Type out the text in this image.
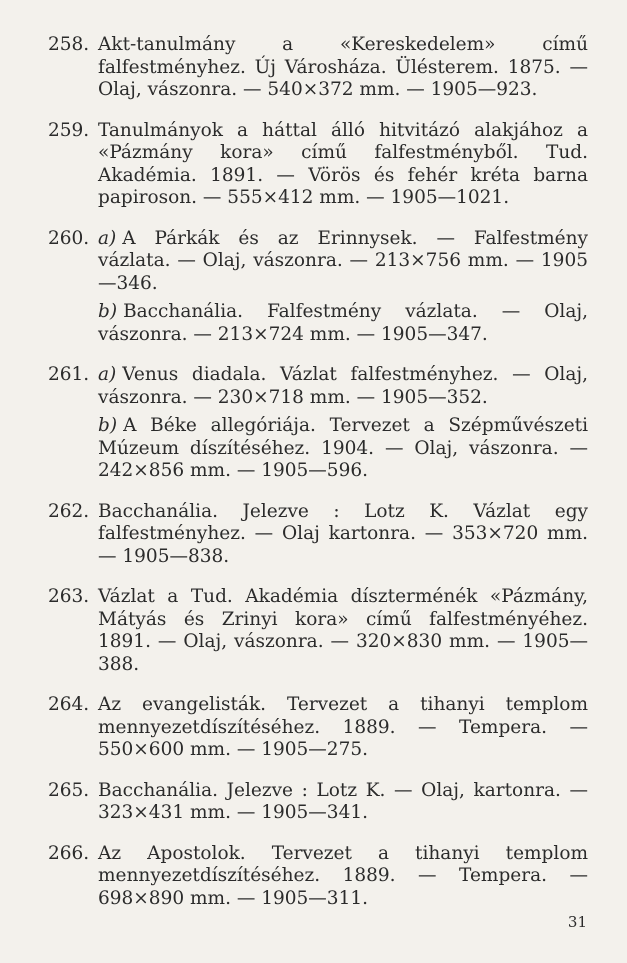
258. Akt-tanulmány a «Kereskedelem» című falfestményhez. Új Városháza. Ülésterem. 1875. — Olaj, vászonra. — 540×372 mm. — 1905—923.
259. Tanulmányok a háttal álló hitvitázó alakjához a «Pázmány kora» című falfestményből. Tud. Akadémia. 1891. — Vörös és fehér kréta barna papiroson. — 555×412 mm. — 1905—1021.
260. a) A Párkák és az Erinnysek. — Falfestmény vázlata. — Olaj, vászonra. — 213×756 mm. — 1905—346.
b) Bacchanália. Falfestmény vázlata. — Olaj, vászonra. — 213×724 mm. — 1905—347.
261. a) Venus diadala. Vázlat falfestményhez. — Olaj, vászonra. — 230×718 mm. — 1905—352.
b) A Béke allegóriája. Tervezet a Szépművészeti Múzeum díszítéséhez. 1904. — Olaj, vászonra. — 242×856 mm. — 1905—596.
262. Bacchanália. Jelezve : Lotz K. Vázlat egy falfestményhez. — Olaj kartonra. — 353×720 mm. — 1905—838.
263. Vázlat a Tud. Akadémia díszterménék «Pázmány, Mátyás és Zrinyi kora» című falfestményéhez. 1891. — Olaj, vászonra. — 320×830 mm. — 1905—388.
264. Az evangelisták. Tervezet a tihanyi templom mennyezetdíszítéséhez. 1889. — Tempera. — 550×600 mm. — 1905—275.
265. Bacchanália. Jelezve : Lotz K. — Olaj, kartonra. — 323×431 mm. — 1905—341.
266. Az Apostolok. Tervezet a tihanyi templom mennyezetdíszítéséhez. 1889. — Tempera. — 698×890 mm. — 1905—311.
31
